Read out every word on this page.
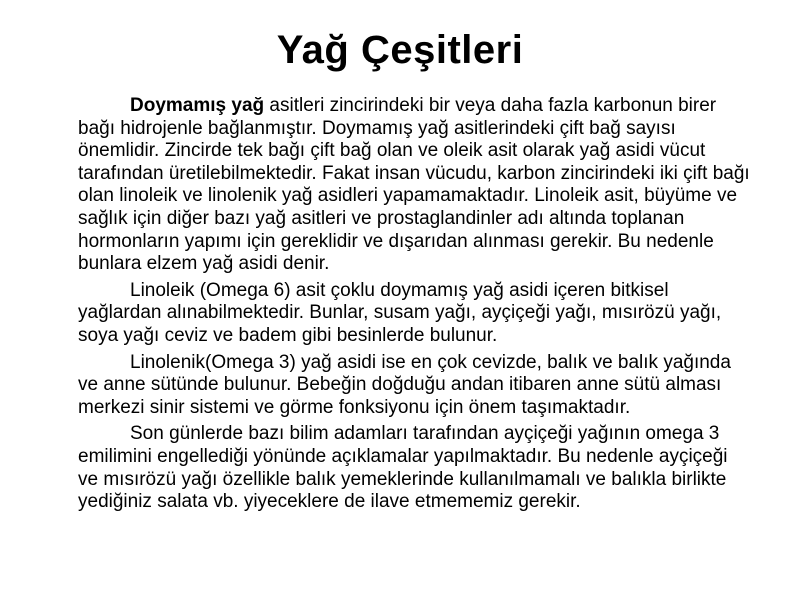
Yağ Çeşitleri

Doymamış yağ asitleri zincirindeki bir veya daha fazla karbonun birer bağı hidrojenle bağlanmıştır. Doymamış yağ asitlerindeki çift bağ sayısı önemlidir. Zincirde tek bağı çift bağ olan ve oleik asit olarak yağ asidi vücut tarafından üretilebilmektedir. Fakat insan vücudu, karbon zincirindeki iki çift bağı olan linoleik ve linolenik yağ asidleri yapamamaktadır. Linoleik asit, büyüme ve sağlık için diğer bazı yağ asitleri ve prostaglandinler adı altında toplanan hormonların yapımı için gereklidir ve dışarıdan alınması gerekir. Bu nedenle bunlara elzem yağ asidi denir.

Linoleik (Omega 6) asit çoklu doymamış yağ asidi içeren bitkisel yağlardan alınabilmektedir. Bunlar, susam yağı, ayçiçeği yağı, mısırözü yağı, soya yağı ceviz ve badem gibi besinlerde bulunur.

Linolenik(Omega 3) yağ asidi ise en çok cevizde, balık ve balık yağında ve anne sütünde bulunur. Bebeğin doğduğu andan itibaren anne sütü alması merkezi sinir sistemi ve görme fonksiyonu için önem taşımaktadır.

Son günlerde bazı bilim adamları tarafından ayçiçeği yağının omega 3 emilimini engellediği yönünde açıklamalar yapılmaktadır. Bu nedenle ayçiçeği ve mısırözü yağı özellikle balık yemeklerinde kullanılmamalı ve balıkla birlikte yediğiniz salata vb. yiyeceklere de ilave etmememiz gerekir.
